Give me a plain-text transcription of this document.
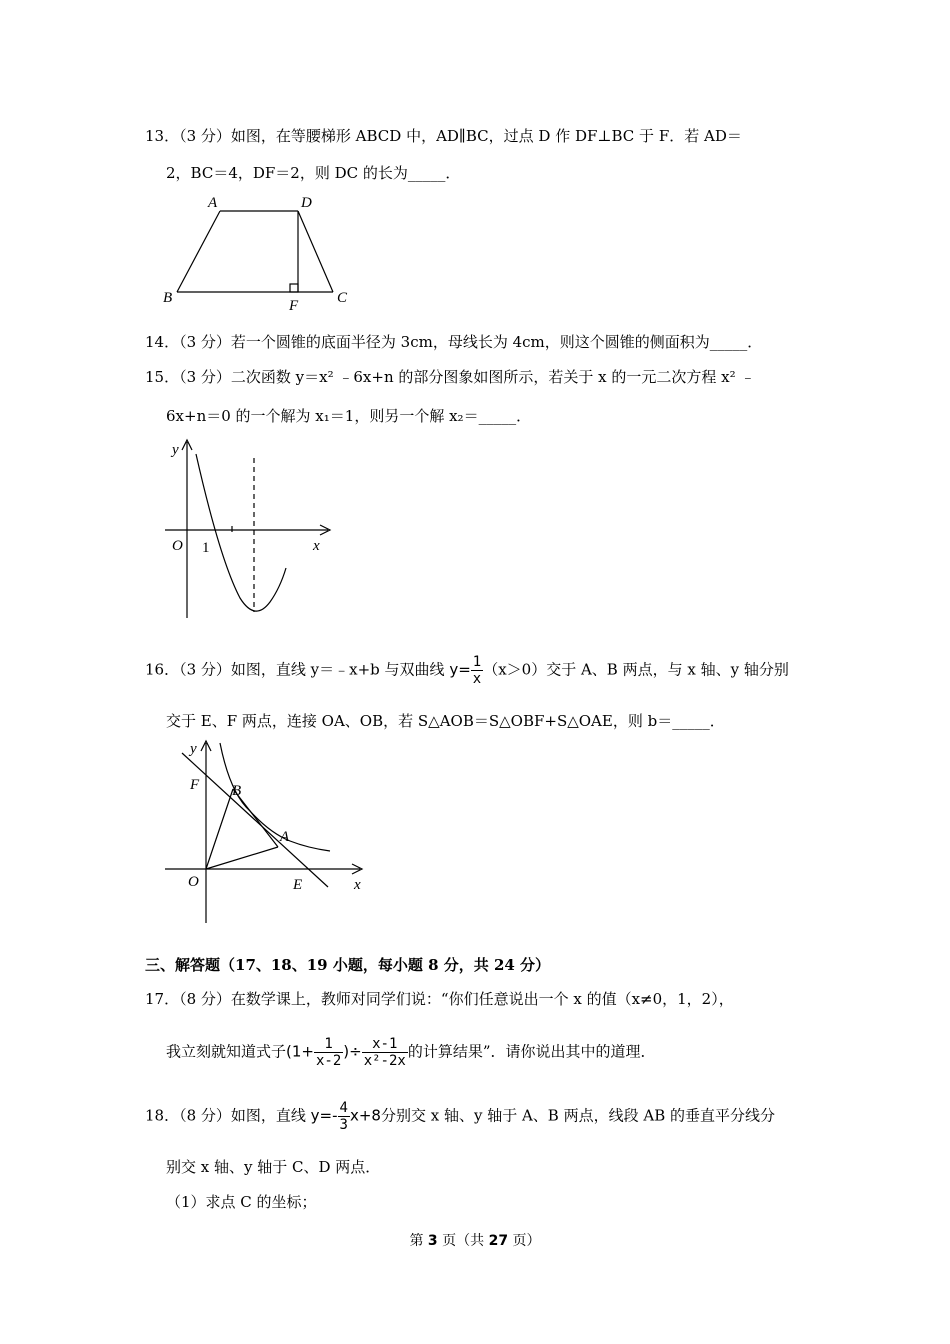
13．（3 分）如图，在等腰梯形 ABCD 中，AD∥BC，过点 D 作 DF⊥BC 于 F．若 AD＝
2，BC＝4，DF＝2，则 DC 的长为_____．
A	D
B	F	C
14．（3 分）若一个圆锥的底面半径为 3cm，母线长为 4cm，则这个圆锥的侧面积为_____．
15．（3 分）二次函数 y＝x² ﹣6x+n 的部分图象如图所示，若关于 x 的一元二次方程 x² ﹣
6x+n＝0 的一个解为 x₁＝1，则另一个解 x₂＝_____．
y
O 1	x
16．（3 分）如图，直线 y＝﹣x+b 与双曲线 $y= \frac{1}{x} (x>0)$交于 A、B 两点，与 x 轴、y 轴分别
交于 E、F 两点，连接 OA、OB，若 S△AOB＝S△OBF+S△OAE，则 b＝_____．
y
F B
A
O	E	x
三、解答题（17、18、19 小题，每小题 8 分，共 24 分）
17．（8 分）在数学课上，教师对同学们说：“你们任意说出一个 x 的值（x≠0，1，2），
我立刻就知道式子($1+ \frac{1}{x-2}$ )÷ $\frac{x-1}{\text{x²-2x}}$ 的计算结果”．请你说出其中的道理．
18．（8 分）如图，直线 $y=- \frac{4}{3} x+8$分别交 x 轴、y 轴于 A、B 两点，线段 AB 的垂直平分线分
别交 x 轴、y 轴于 C、D 两点．
（1）求点 C 的坐标；
第 3 页（共 27 页）
